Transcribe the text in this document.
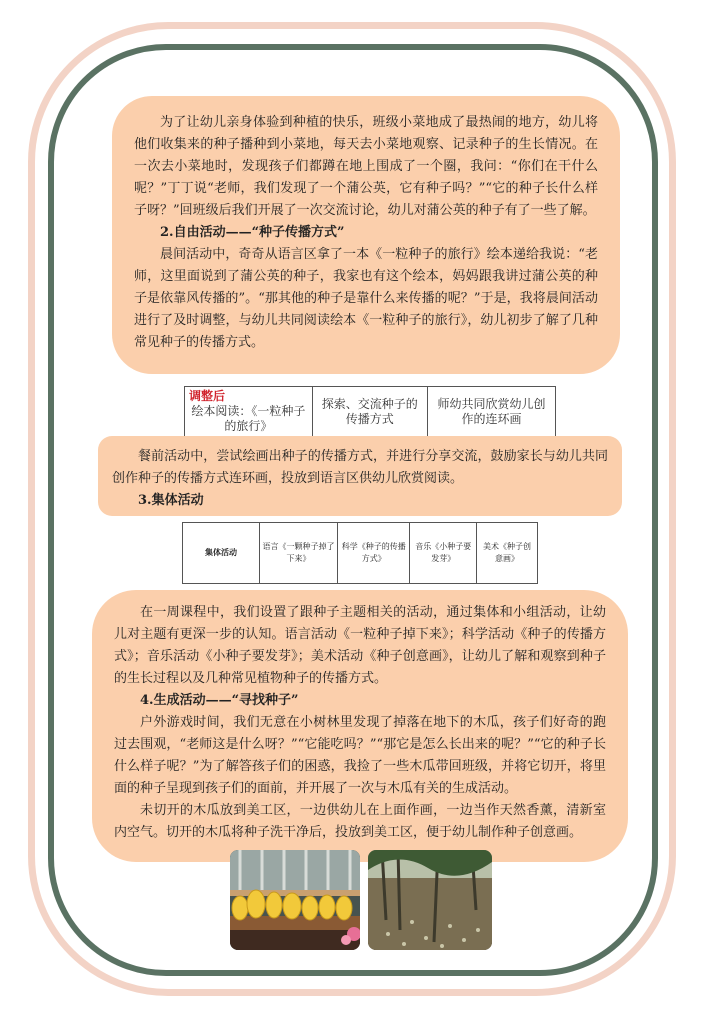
为了让幼儿亲身体验到种植的快乐，班级小菜地成了最热闹的地方，幼儿将他们收集来的种子播种到小菜地，每天去小菜地观察、记录种子的生长情况。在一次去小菜地时，发现孩子们都蹲在地上围成了一个圈，我问：“你们在干什么呢？”丁丁说“老师，我们发现了一个蒲公英，它有种子吗？”“它的种子长什么样子呀？”回班级后我们开展了一次交流讨论，幼儿对蒲公英的种子有了一些了解。

2.自由活动——“种子传播方式”

晨间活动中，奇奇从语言区拿了一本《一粒种子的旅行》绘本递给我说：“老师，这里面说到了蒲公英的种子，我家也有这个绘本，妈妈跟我讲过蒲公英的种子是依靠风传播的”。“那其他的种子是靠什么来传播的呢？”于是，我将晨间活动进行了及时调整，与幼儿共同阅读绘本《一粒种子的旅行》，幼儿初步了解了几种常见种子的传播方式。

调整后
绘本阅读：《一粒种子的旅行》	探索、交流种子的传播方式	师幼共同欣赏幼儿创作的连环画

餐前活动中，尝试绘画出种子的传播方式，并进行分享交流，鼓励家长与幼儿共同创作种子的传播方式连环画，投放到语言区供幼儿欣赏阅读。

3.集体活动

集体活动	语言《一颗种子掉了下来》	科学《种子的传播方式》	音乐《小种子要发芽》	美术《种子创意画》

在一周课程中，我们设置了跟种子主题相关的活动，通过集体和小组活动，让幼儿对主题有更深一步的认知。语言活动《一粒种子掉下来》；科学活动《种子的传播方式》；音乐活动《小种子要发芽》；美术活动《种子创意画》，让幼儿了解和观察到种子的生长过程以及几种常见植物种子的传播方式。

4.生成活动——“寻找种子”

户外游戏时间，我们无意在小树林里发现了掉落在地下的木瓜，孩子们好奇的跑过去围观，“老师这是什么呀？”“它能吃吗？”“那它是怎么长出来的呢？”“它的种子长什么样子呢？”为了解答孩子们的困惑，我捡了一些木瓜带回班级，并将它切开，将里面的种子呈现到孩子们的面前，并开展了一次与木瓜有关的生成活动。

未切开的木瓜放到美工区，一边供幼儿在上面作画，一边当作天然香薰，清新室内空气。切开的木瓜将种子洗干净后，投放到美工区，便于幼儿制作种子创意画。
